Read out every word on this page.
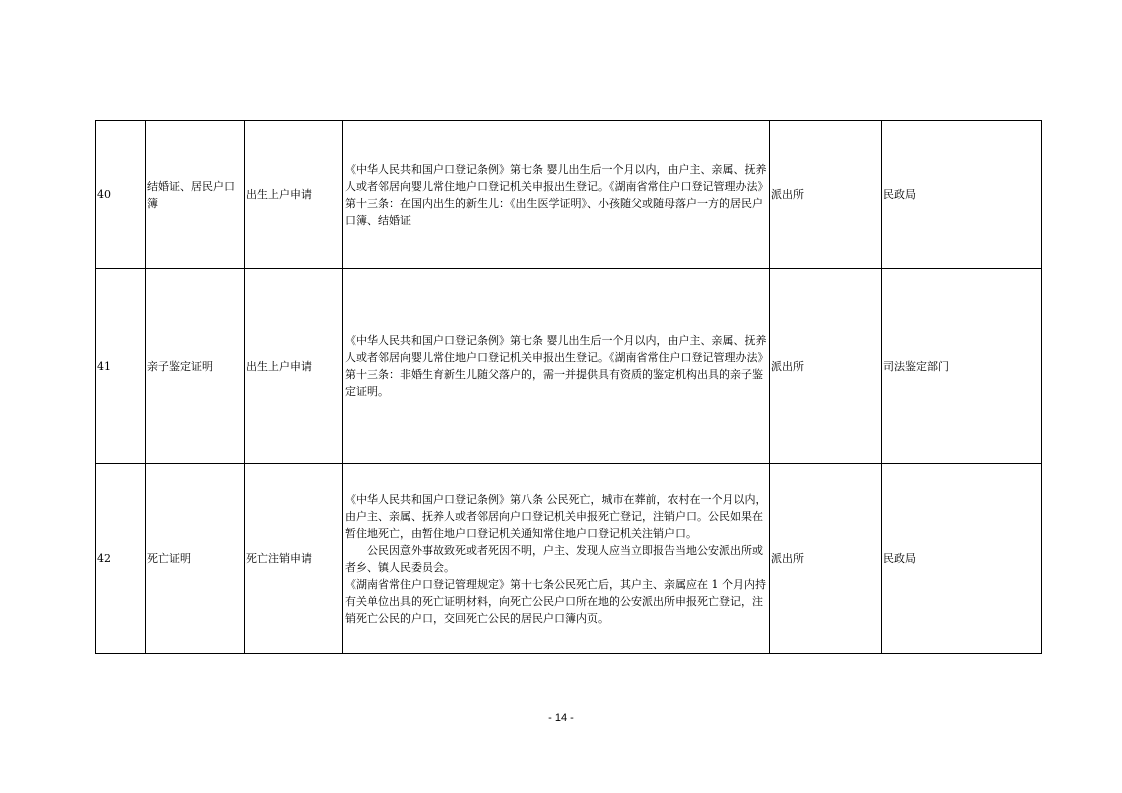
40	结婚证、居民户口簿	出生上户申请	《中华人民共和国户口登记条例》第七条 婴儿出生后一个月以内，由户主、亲属、抚养人或者邻居向婴儿常住地户口登记机关申报出生登记。《湖南省常住户口登记管理办法》第十三条：在国内出生的新生儿：《出生医学证明》、小孩随父或随母落户一方的居民户口簿、结婚证	派出所	民政局
41	亲子鉴定证明	出生上户申请	《中华人民共和国户口登记条例》第七条 婴儿出生后一个月以内，由户主、亲属、抚养人或者邻居向婴儿常住地户口登记机关申报出生登记。《湖南省常住户口登记管理办法》第十三条：非婚生育新生儿随父落户的，需一并提供具有资质的鉴定机构出具的亲子鉴定证明。	派出所	司法鉴定部门
42	死亡证明	死亡注销申请	《中华人民共和国户口登记条例》第八条 公民死亡，城市在葬前，农村在一个月以内，由户主、亲属、抚养人或者邻居向户口登记机关申报死亡登记，注销户口。公民如果在暂住地死亡，由暂住地户口登记机关通知常住地户口登记机关注销户口。
公民因意外事故致死或者死因不明，户主、发现人应当立即报告当地公安派出所或者乡、镇人民委员会。
《湖南省常住户口登记管理规定》第十七条公民死亡后，其户主、亲属应在 1 个月内持有关单位出具的死亡证明材料，向死亡公民户口所在地的公安派出所申报死亡登记，注销死亡公民的户口，交回死亡公民的居民户口簿内页。	派出所	民政局
- 14 -
